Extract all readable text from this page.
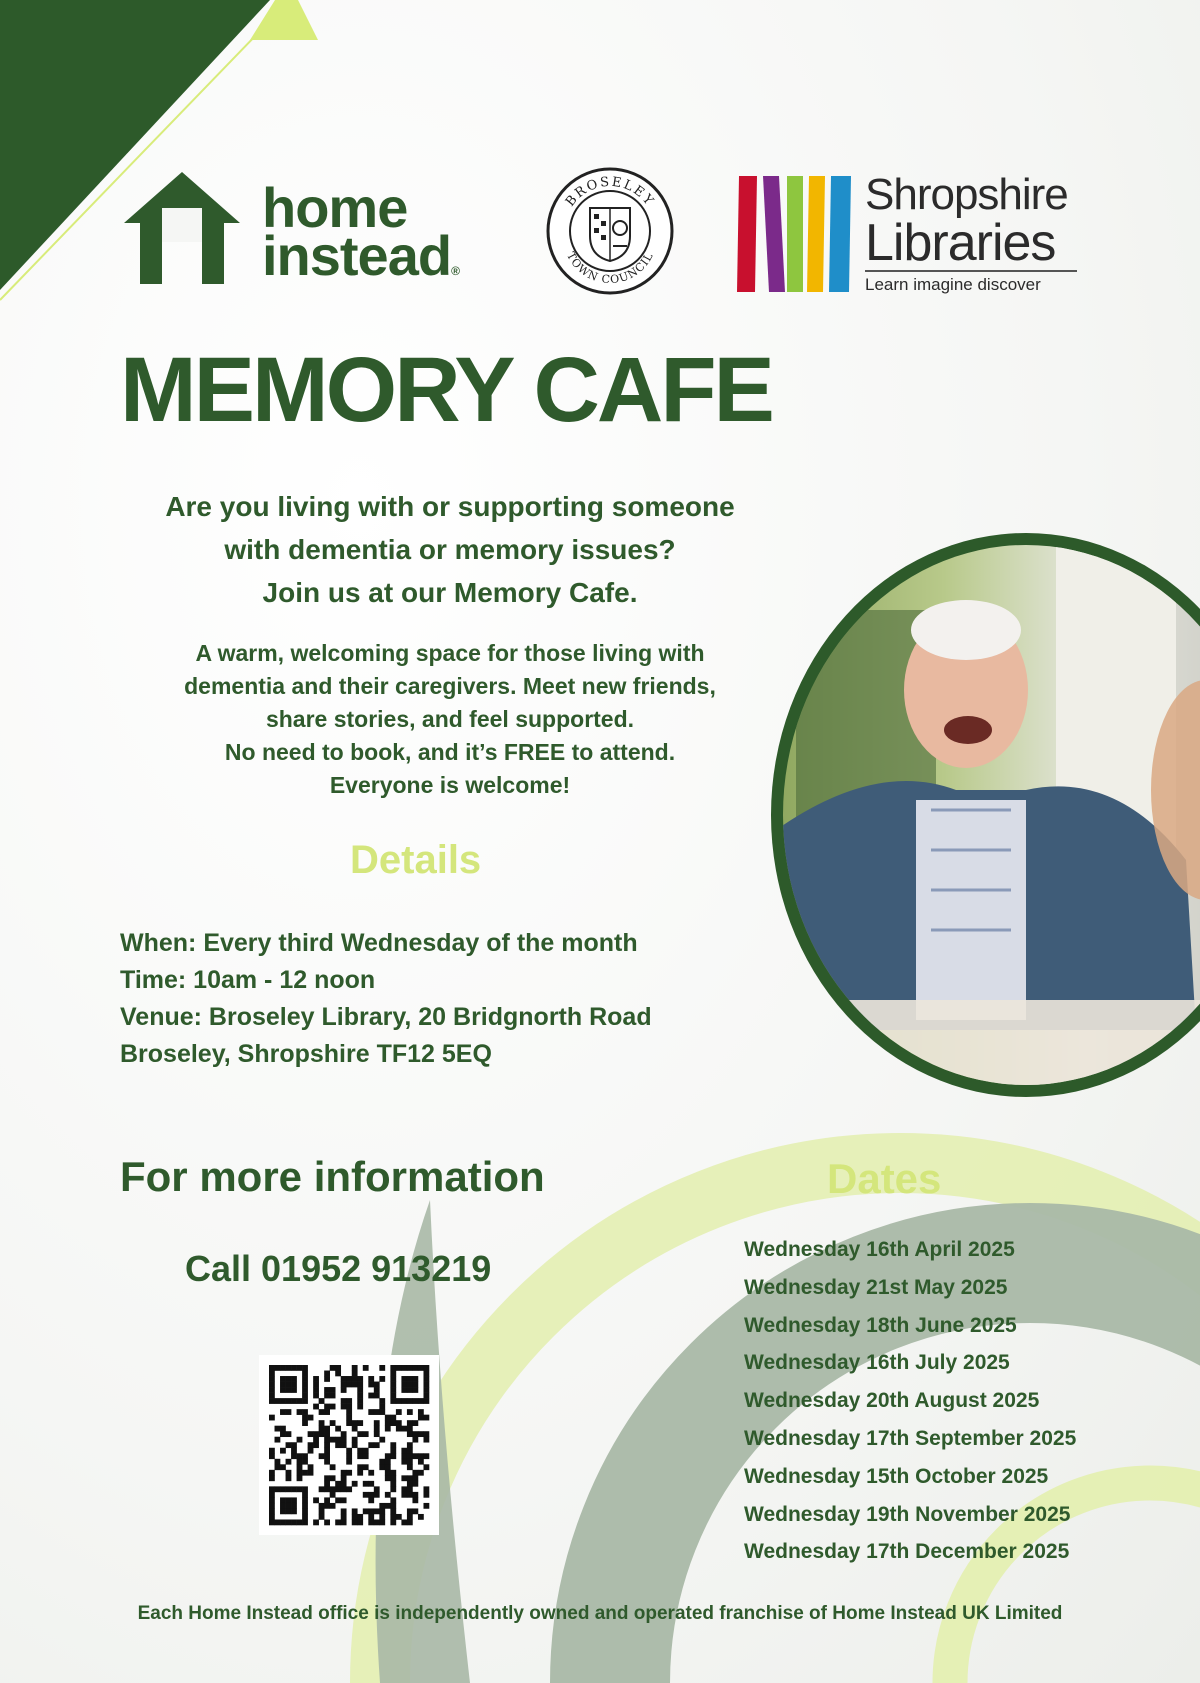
home
instead®
BROSELEY
TOWN COUNCIL
Shropshire
Libraries
Learn imagine discover
MEMORY CAFE
Are you living with or supporting someone
with dementia or memory issues?
Join us at our Memory Cafe.
A warm, welcoming space for those living with
dementia and their caregivers. Meet new friends,
share stories, and feel supported.
No need to book, and it’s FREE to attend.
Everyone is welcome!
Details
When: Every third Wednesday of the month
Time: 10am - 12 noon
Venue: Broseley Library, 20 Bridgnorth Road
Broseley, Shropshire TF12 5EQ
For more information
Call 01952 913219
Dates
Wednesday 16th April 2025
Wednesday 21st May 2025
Wednesday 18th June 2025
Wednesday 16th July 2025
Wednesday 20th August 2025
Wednesday 17th September 2025
Wednesday 15th October 2025
Wednesday 19th November 2025
Wednesday 17th December 2025
Each Home Instead office is independently owned and operated franchise of Home Instead UK Limited
